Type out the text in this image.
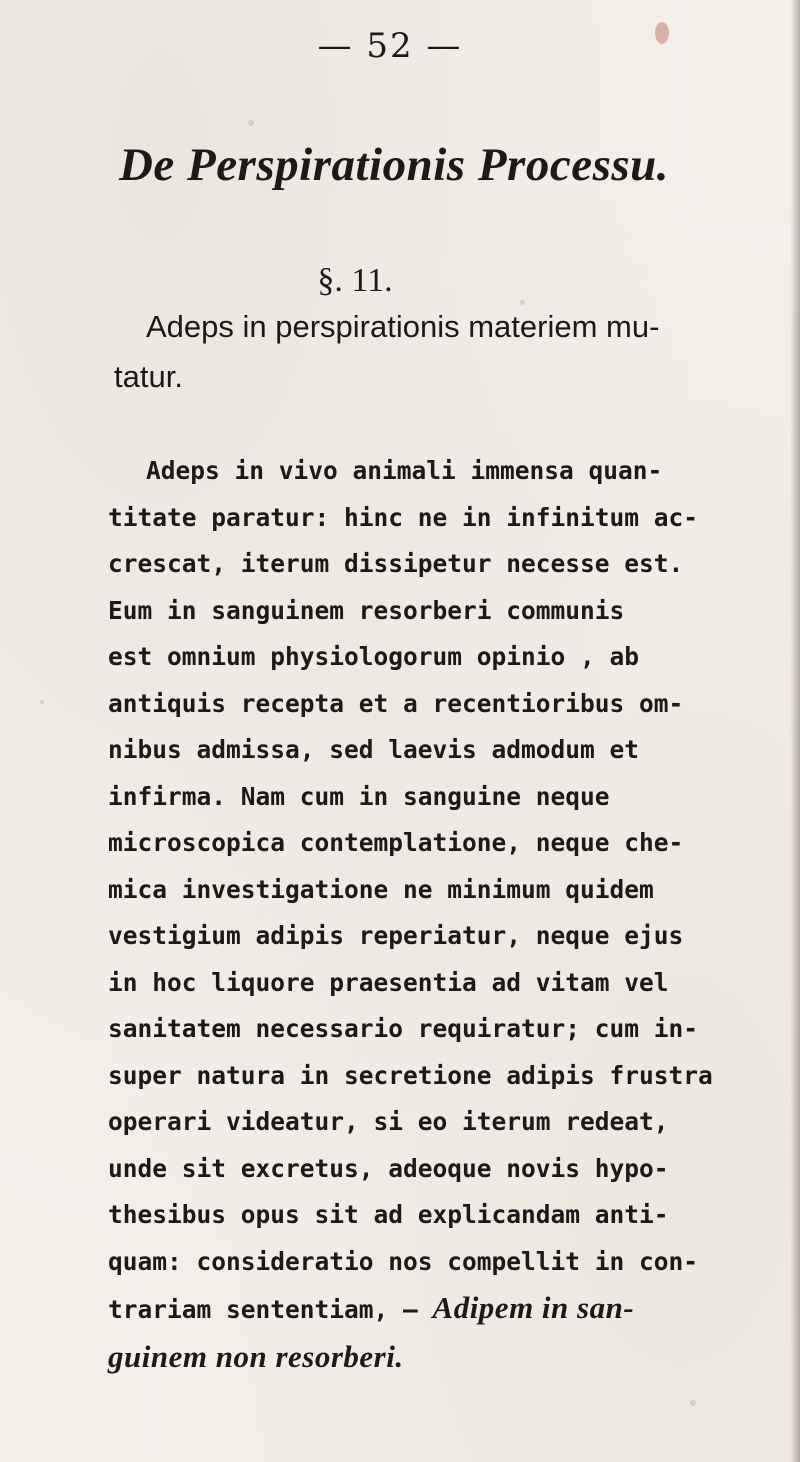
— 52 —
De Perspirationis Processu.
§. 11.
Adeps in perspirationis materiem mu-
tatur.
Adeps in vivo animali immensa quan-
titate paratur: hinc ne in infinitum ac-
crescat, iterum dissipetur necesse est.
Eum in sanguinem resorberi communis
est omnium physiologorum opinio , ab
antiquis recepta et a recentioribus om-
nibus admissa, sed laevis admodum et
infirma. Nam cum in sanguine neque
microscopica contemplatione, neque che-
mica investigatione ne minimum quidem
vestigium adipis reperiatur, neque ejus
in hoc liquore praesentia ad vitam vel
sanitatem necessario requiratur; cum in-
super natura in secretione adipis frustra
operari videatur, si eo iterum redeat,
unde sit excretus, adeoque novis hypo-
thesibus opus sit ad explicandam anti-
quam: consideratio nos compellit in con-
trariam sententiam, — Adipem in san-
guinem non resorberi.
